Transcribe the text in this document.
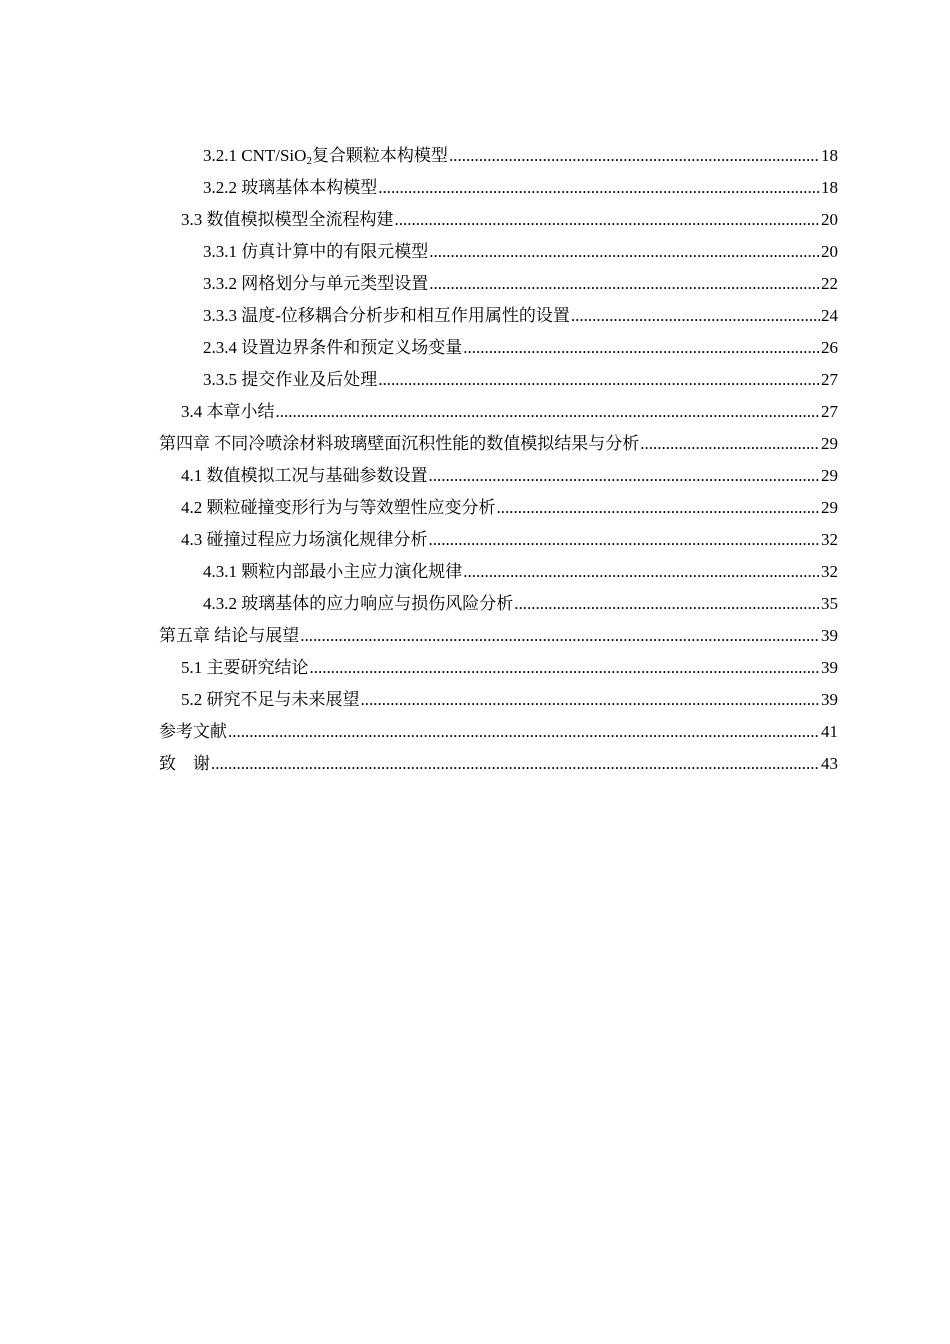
3.2.1 CNT/SiO$_2$复合颗粒本构模型 .....	18
3.2.2 玻璃基体本构模型 .....	18
3.3 数值模拟模型全流程构建 .....	20
3.3.1 仿真计算中的有限元模型 .....	20
3.3.2 网格划分与单元类型设置 .....	22
3.3.3 温度-位移耦合分析步和相互作用属性的设置 .....	24
2.3.4 设置边界条件和预定义场变量 .....	26
3.3.5 提交作业及后处理 .....	27
3.4 本章小结 .....	27
第四章 不同冷喷涂材料玻璃壁面沉积性能的数值模拟结果与分析 .....	29
4.1 数值模拟工况与基础参数设置 .....	29
4.2 颗粒碰撞变形行为与等效塑性应变分析 .....	29
4.3 碰撞过程应力场演化规律分析 .....	32
4.3.1 颗粒内部最小主应力演化规律 .....	32
4.3.2 玻璃基体的应力响应与损伤风险分析 .....	35
第五章 结论与展望 .....	39
5.1 主要研究结论 .....	39
5.2 研究不足与未来展望 .....	39
参考文献 .....	41
致    谢 .....	43
